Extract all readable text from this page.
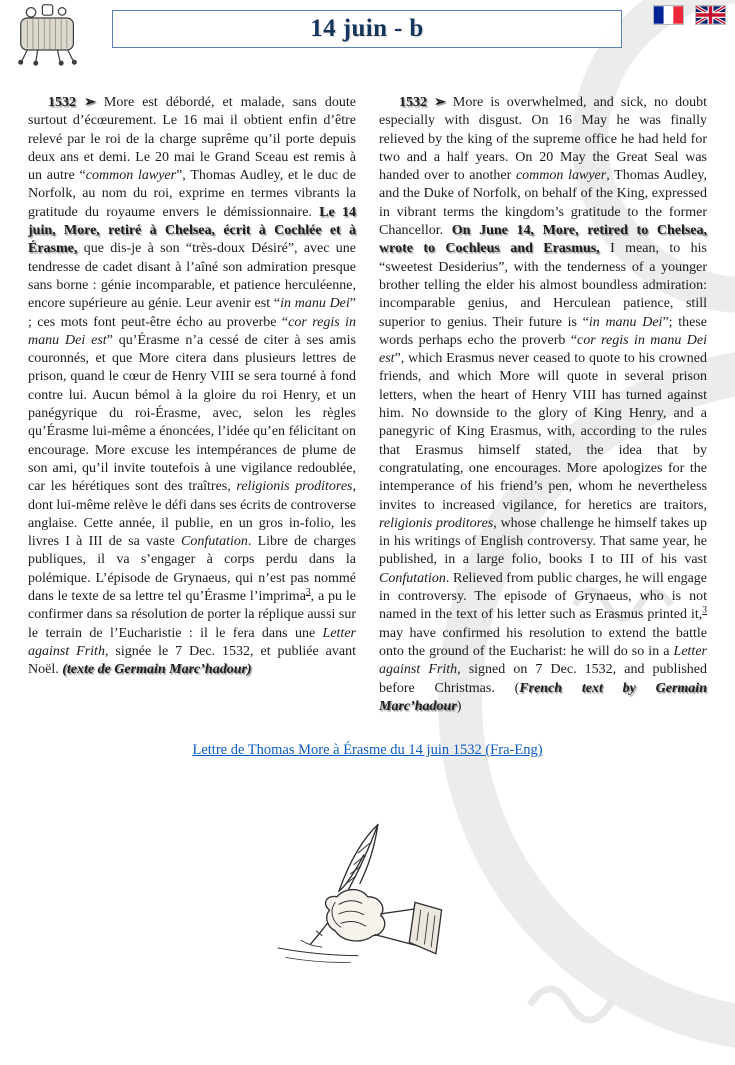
14 juin - b

1532 ➢ More est débordé, et malade, sans doute surtout d’écœurement. Le 16 mai il obtient enfin d’être relevé par le roi de la charge suprême qu’il porte depuis deux ans et demi. Le 20 mai le Grand Sceau est remis à un autre “common lawyer”, Thomas Audley, et le duc de Norfolk, au nom du roi, exprime en termes vibrants la gratitude du royaume envers le démissionnaire. Le 14 juin, More, retiré à Chelsea, écrit à Cochlée et à Érasme, que dis-je à son “très-doux Désiré”, avec une tendresse de cadet disant à l’aîné son admiration presque sans borne : génie incomparable, et patience herculéenne, encore supérieure au génie. Leur avenir est “in manu Dei” ; ces mots font peut-être écho au proverbe “cor regis in manu Dei est” qu’Érasme n’a cessé de citer à ses amis couronnés, et que More citera dans plusieurs lettres de prison, quand le cœur de Henry VIII se sera tourné à fond contre lui. Aucun bémol à la gloire du roi Henry, et un panégyrique du roi-Érasme, avec, selon les règles qu’Érasme lui-même a énoncées, l’idée qu’en félicitant on encourage. More excuse les intempérances de plume de son ami, qu’il invite toutefois à une vigilance redoublée, car les hérétiques sont des traîtres, religionis proditores, dont lui-même relève le défi dans ses écrits de controverse anglaise. Cette année, il publie, en un gros in-folio, les livres I à III de sa vaste Confutation. Libre de charges publiques, il va s’engager à corps perdu dans la polémique. L’épisode de Grynaeus, qui n’est pas nommé dans le texte de sa lettre tel qu’Érasme l’imprima$^3$, a pu le confirmer dans sa résolution de porter la réplique aussi sur le terrain de l’Eucharistie : il le fera dans une Letter against Frith, signée le 7 Dec. 1532, et publiée avant Noël. (texte de Germain Marc’hadour)

1532 ➢ More is overwhelmed, and sick, no doubt especially with disgust. On 16 May he was finally relieved by the king of the supreme office he had held for two and a half years. On 20 May the Great Seal was handed over to another common lawyer, Thomas Audley, and the Duke of Norfolk, on behalf of the King, expressed in vibrant terms the kingdom’s gratitude to the former Chancellor. On June 14, More, retired to Chelsea, wrote to Cochleus and Erasmus, I mean, to his “sweetest Desiderius”, with the tenderness of a younger brother telling the elder his almost boundless admiration: incomparable genius, and Herculean patience, still superior to genius. Their future is “in manu Dei”; these words perhaps echo the proverb “cor regis in manu Dei est”, which Erasmus never ceased to quote to his crowned friends, and which More will quote in several prison letters, when the heart of Henry VIII has turned against him. No downside to the glory of King Henry, and a panegyric of King Erasmus, with, according to the rules that Erasmus himself stated, the idea that by congratulating, one encourages. More apologizes for the intemperance of his friend’s pen, whom he nevertheless invites to increased vigilance, for heretics are traitors, religionis proditores, whose challenge he himself takes up in his writings of English controversy. That same year, he published, in a large folio, books I to III of his vast Confutation. Relieved from public charges, he will engage in controversy. The episode of Grynaeus, who is not named in the text of his letter such as Erasmus printed it,$^3$ may have confirmed his resolution to extend the battle onto the ground of the Eucharist: he will do so in a Letter against Frith, signed on 7 Dec. 1532, and published before Christmas. (French text by Germain Marc’hadour)

Lettre de Thomas More à Érasme du 14 juin 1532 (Fra-Eng)
